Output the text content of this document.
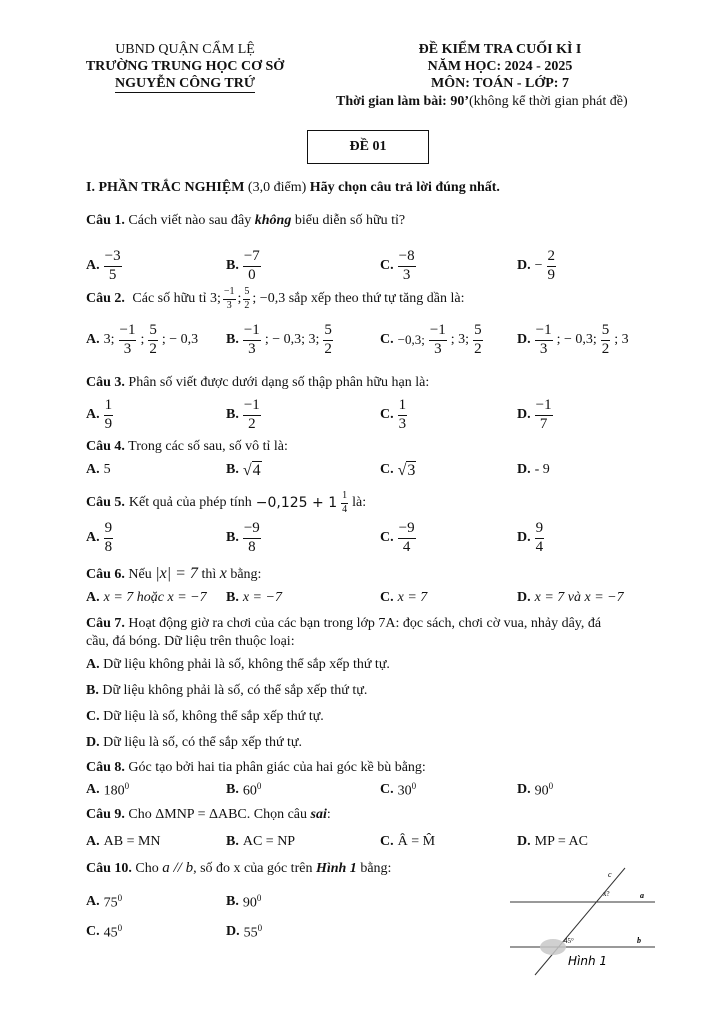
UBND QUẬN CẨM LỆ
TRƯỜNG TRUNG HỌC CƠ SỞ
NGUYỄN CÔNG TRỨ
ĐỀ KIỂM TRA CUỐI KÌ I
NĂM HỌC: 2024 - 2025
MÔN: TOÁN - LỚP: 7
Thời gian làm bài: 90’(không kể thời gian phát đề)
ĐỀ 01
I. PHẦN TRẮC NGHIỆM (3,0 điểm) Hãy chọn câu trả lời đúng nhất.
Câu 1. Cách viết nào sau đây không biểu diễn số hữu tỉ?
A. $\frac{-3}{5}$	B. $\frac{-7}{0}$	C. $\frac{-8}{3}$	D. − $\frac{2}{9}$
Câu 2.
Các số hữu tỉ 3; $\frac{-1}{3}$ ; $\frac{5}{2}$ ; −0,3 sắp xếp theo thứ tự tăng dần là:
A. 3; $\frac{-1}{3}$ ; $\frac{5}{2}$ ; − 0,3 B. $\frac{-1}{3}$ ; − 0,3; 3; $\frac{5}{2}$	C. −0,3; $\frac{-1}{3}$ ; 3; $\frac{5}{2} D$. $\frac{-1}{3}$ ; − 0,3; $\frac{5}{2}$ ; 3
Câu 3. Phân số viết được dưới dạng số thập phân hữu hạn là:
A. $\frac{1}{9}$	B. $\frac{-1}{2}$	C. $\frac{1}{3}$	D. $\frac{-1}{7}$
Câu 4. Trong các số sau, số vô tỉ là:
A. 5	B. √ 4	C. √ 3	D. - 9
Câu 5. Kết quả của phép tính $-0,125 + 1 \frac{1}{4}$ là:
A. $\frac{9}{8}$	B. $\frac{-9}{8}$	C. $\frac{-9}{4}$	D. $\frac{9}{4}$
Câu 6. Nếu |x| = 7 thì x bằng:
A. x = 7 hoặc x = −7 B. x = −7	C. x = 7	D. x = 7 và x = −7
Câu 7. Hoạt động giờ ra chơi của các bạn trong lớp 7A: đọc sách, chơi cờ vua, nhảy dây, đá
cầu, đá bóng. Dữ liệu trên thuộc loại:
A. Dữ liệu không phải là số, không thể sắp xếp thứ tự.
B. Dữ liệu không phải là số, có thể sắp xếp thứ tự.
C. Dữ liệu là số, không thể sắp xếp thứ tự.
D. Dữ liệu là số, có thể sắp xếp thứ tự.
Câu 8. Góc tạo bởi hai tia phân giác của hai góc kề bù bằng:
A. $180^0$	B. $60^0$	C. $30^0$	D. $90^0$
Câu 9. Cho ΔMNP = ΔABC. Chọn câu sai:
A. AB = MN	B. AC = NP	C. Â = M̂	D. MP = AC
Câu 10. Cho a // b, số đo x của góc trên Hình 1 bằng:
A. $75^0$	B. $90^0$
C. $45^0$	D. $55^0$
c
a
b
x?
45°
Hình 1
